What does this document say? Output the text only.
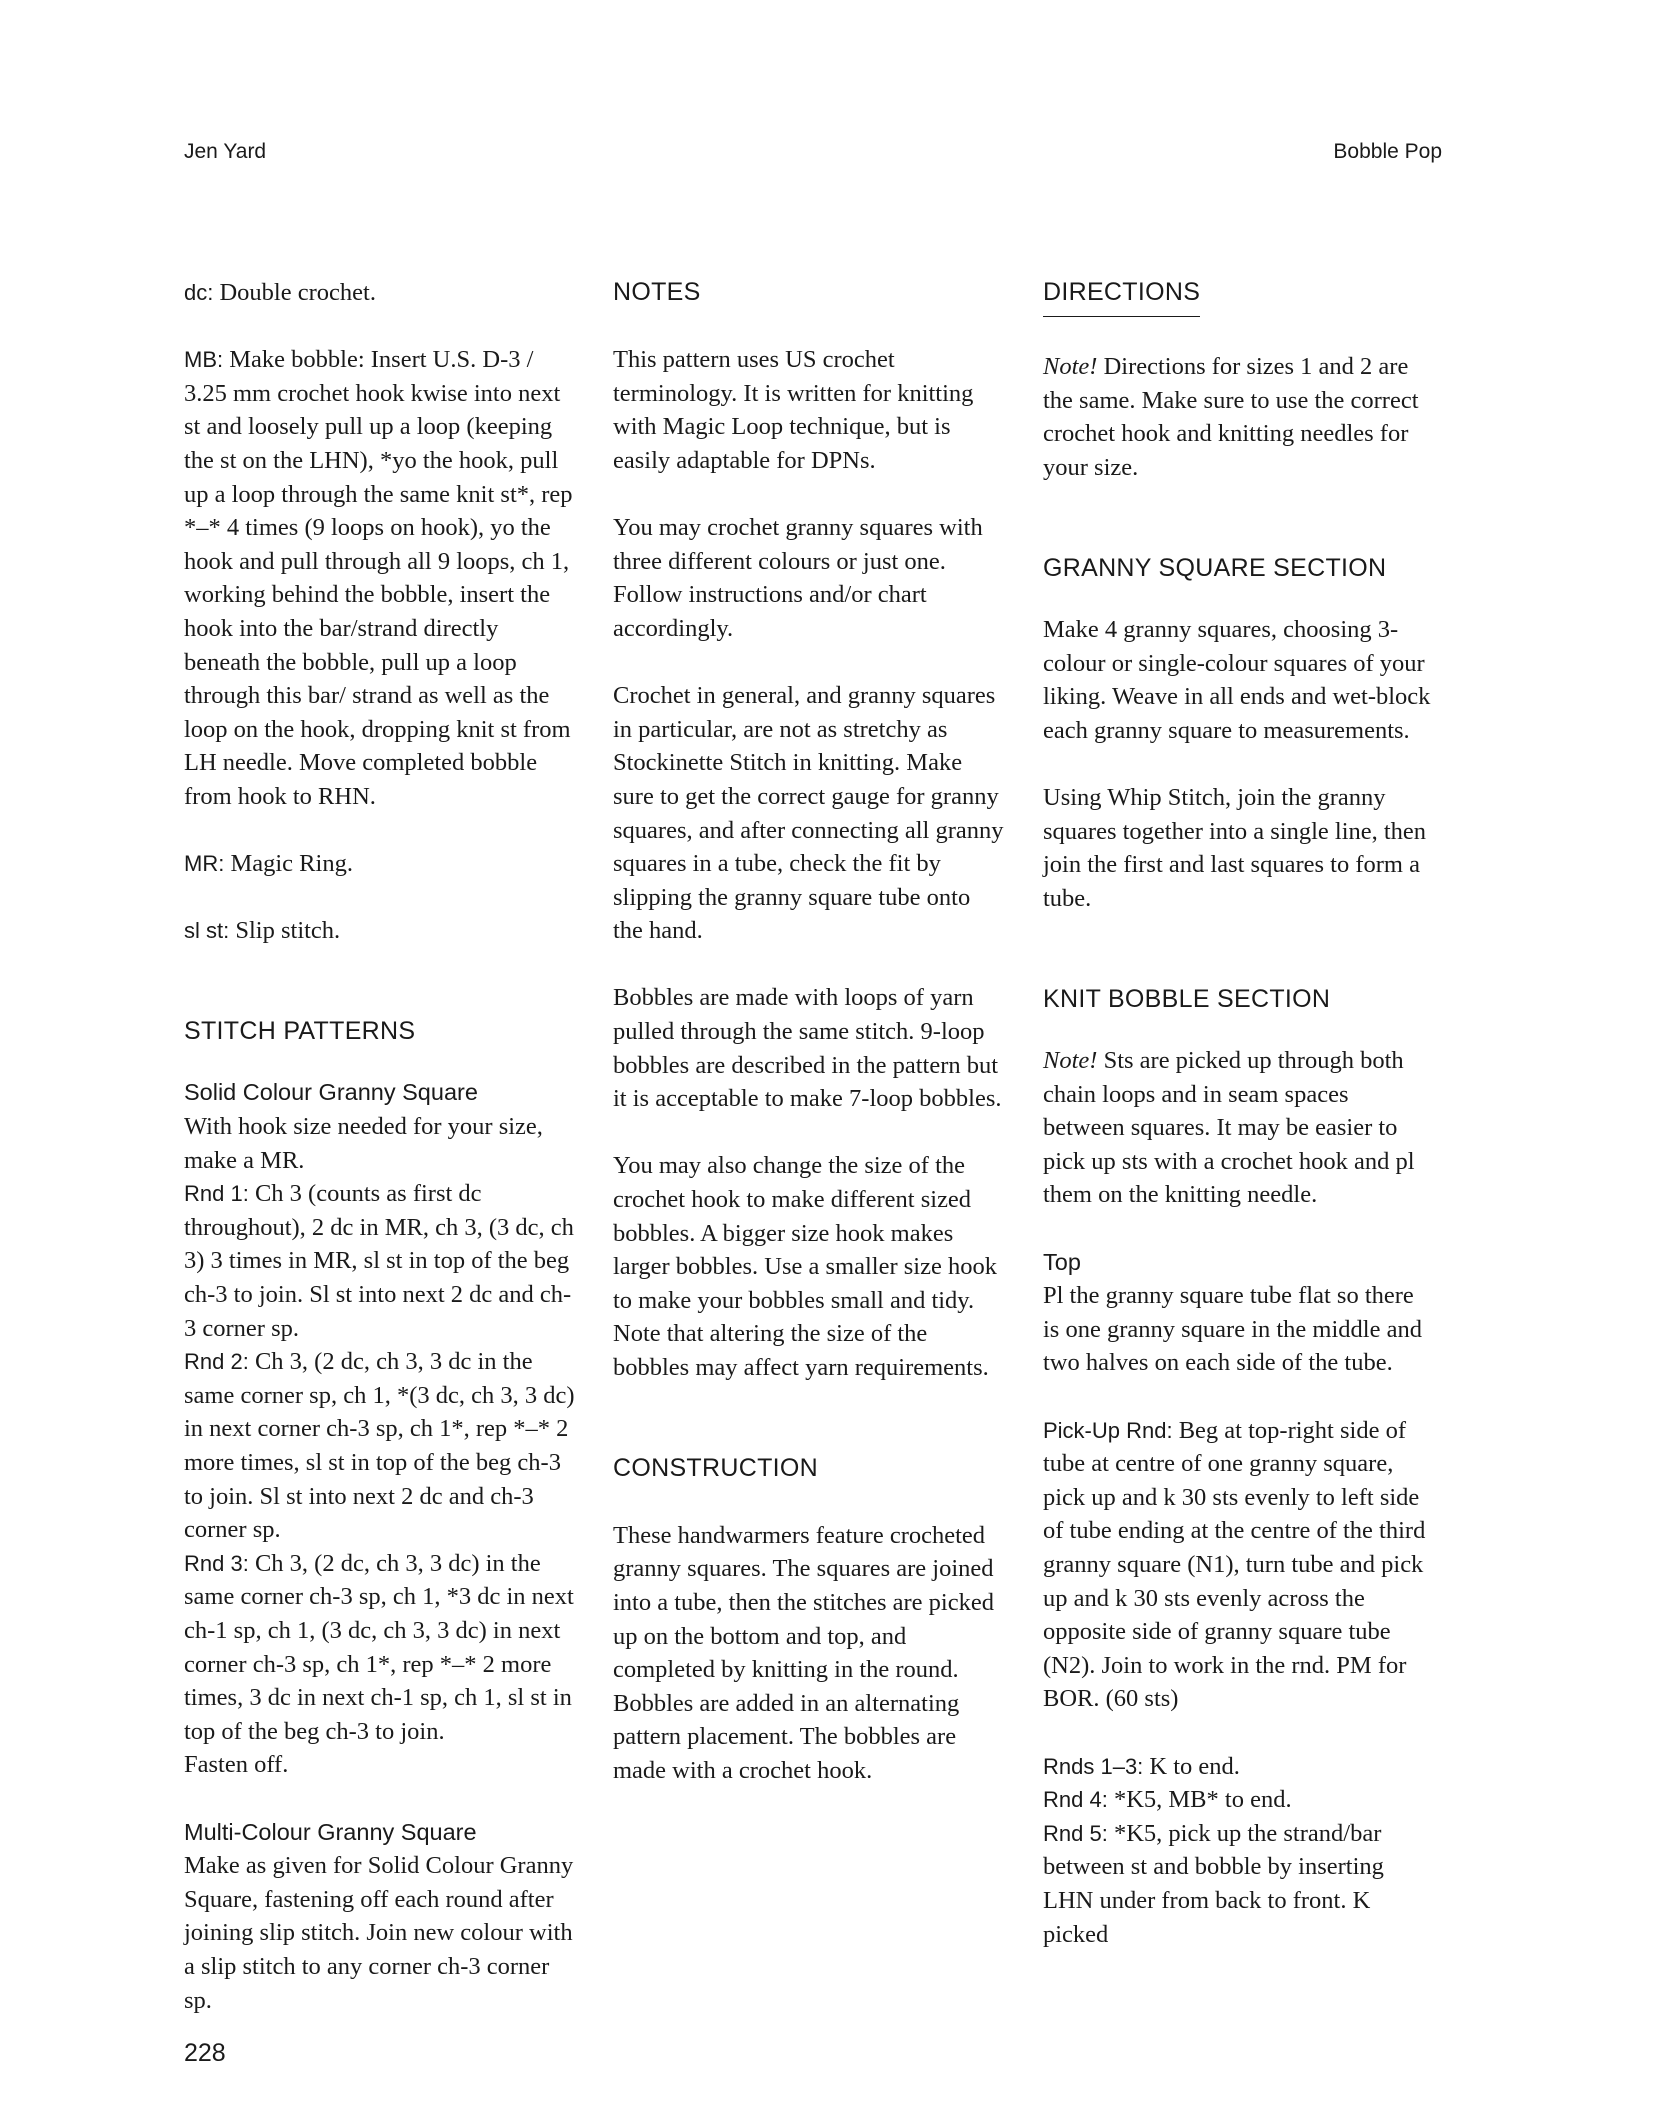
Jen Yard	Bobble Pop

dc: Double crochet.

MB: Make bobble: Insert U.S. D-3 / 3.25 mm crochet hook kwise into next st and loosely pull up a loop (keeping the st on the LHN), *yo the hook, pull up a loop through the same knit st*, rep *–* 4 times (9 loops on hook), yo the hook and pull through all 9 loops, ch 1, working behind the bobble, insert the hook into the bar/strand directly beneath the bobble, pull up a loop through this bar/ strand as well as the loop on the hook, dropping knit st from LH needle. Move completed bobble from hook to RHN.

MR: Magic Ring.

sl st: Slip stitch.

STITCH PATTERNS
Solid Colour Granny Square

With hook size needed for your size, make a MR.

Rnd 1: Ch 3 (counts as first dc throughout), 2 dc in MR, ch 3, (3 dc, ch 3) 3 times in MR, sl st in top of the beg ch-3 to join. Sl st into next 2 dc and ch-3 corner sp.

Rnd 2: Ch 3, (2 dc, ch 3, 3 dc in the same corner sp, ch 1, *(3 dc, ch 3, 3 dc) in next corner ch-3 sp, ch 1*, rep *–* 2 more times, sl st in top of the beg ch-3 to join. Sl st into next 2 dc and ch-3 corner sp.

Rnd 3: Ch 3, (2 dc, ch 3, 3 dc) in the same corner ch-3 sp, ch 1, *3 dc in next ch-1 sp, ch 1, (3 dc, ch 3, 3 dc) in next corner ch-3 sp, ch 1*, rep *–* 2 more times, 3 dc in next ch-1 sp, ch 1, sl st in top of the beg ch-3 to join.

Fasten off.

Multi-Colour Granny Square

Make as given for Solid Colour Granny Square, fastening off each round after joining slip stitch. Join new colour with a slip stitch to any corner ch-3 corner sp.

NOTES

This pattern uses US crochet terminology. It is written for knitting with Magic Loop technique, but is easily adaptable for DPNs.

You may crochet granny squares with three different colours or just one. Follow instructions and/or chart accordingly.

Crochet in general, and granny squares in particular, are not as stretchy as Stockinette Stitch in knitting. Make sure to get the correct gauge for granny squares, and after connecting all granny squares in a tube, check the fit by slipping the granny square tube onto the hand.

Bobbles are made with loops of yarn pulled through the same stitch. 9-loop bobbles are described in the pattern but it is acceptable to make 7-loop bobbles.

You may also change the size of the crochet hook to make different sized bobbles. A bigger size hook makes larger bobbles. Use a smaller size hook to make your bobbles small and tidy. Note that altering the size of the bobbles may affect yarn requirements.

CONSTRUCTION

These handwarmers feature crocheted granny squares. The squares are joined into a tube, then the stitches are picked up on the bottom and top, and completed by knitting in the round. Bobbles are added in an alternating pattern placement. The bobbles are made with a crochet hook.

DIRECTIONS

Note! Directions for sizes 1 and 2 are the same. Make sure to use the correct crochet hook and knitting needles for your size.

GRANNY SQUARE SECTION

Make 4 granny squares, choosing 3-colour or single-colour squares of your liking. Weave in all ends and wet-block each granny square to measurements.

Using Whip Stitch, join the granny squares together into a single line, then join the first and last squares to form a tube.

KNIT BOBBLE SECTION

Note! Sts are picked up through both chain loops and in seam spaces between squares. It may be easier to pick up sts with a crochet hook and pl them on the knitting needle.

Top

Pl the granny square tube flat so there is one granny square in the middle and two halves on each side of the tube.

Pick-Up Rnd: Beg at top-right side of tube at centre of one granny square, pick up and k 30 sts evenly to left side of tube ending at the centre of the third granny square (N1), turn tube and pick up and k 30 sts evenly across the opposite side of granny square tube (N2). Join to work in the rnd. PM for BOR. (60 sts)

Rnds 1–3: K to end.

Rnd 4: *K5, MB* to end.

Rnd 5: *K5, pick up the strand/bar between st and bobble by inserting LHN under from back to front. K picked

228
